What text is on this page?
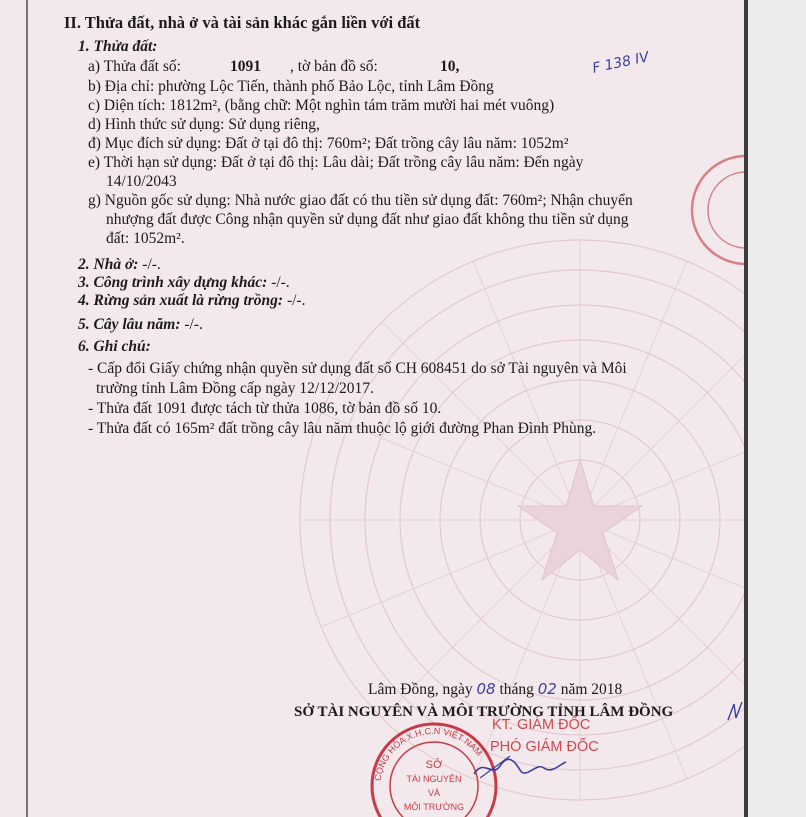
II. Thửa đất, nhà ở và tài sản khác gắn liền với đất
F 138 IV
1. Thửa đất:
a) Thửa đất số:	1091 , tờ bản đồ số:	10,
b) Địa chỉ: phường Lộc Tiến, thành phố Bảo Lộc, tỉnh Lâm Đồng
c) Diện tích: 1812m², (bằng chữ: Một nghìn tám trăm mười hai mét vuông)
d) Hình thức sử dụng: Sử dụng riêng,
đ) Mục đích sử dụng: Đất ở tại đô thị: 760m²; Đất trồng cây lâu năm: 1052m²
e) Thời hạn sử dụng: Đất ở tại đô thị: Lâu dài; Đất trồng cây lâu năm: Đến ngày
14/10/2043
g) Nguồn gốc sử dụng: Nhà nước giao đất có thu tiền sử dụng đất: 760m²; Nhận chuyển
nhượng đất được Công nhận quyền sử dụng đất như giao đất không thu tiền sử dụng
đất: 1052m².
2. Nhà ở: -/-.
3. Công trình xây dựng khác: -/-.
4. Rừng sản xuất là rừng trồng: -/-.
5. Cây lâu năm: -/-.
6. Ghi chú:
- Cấp đổi Giấy chứng nhận quyền sử dụng đất số CH 608451 do sở Tài nguyên và Môi
trường tỉnh Lâm Đồng cấp ngày 12/12/2017.
- Thửa đất 1091 được tách từ thửa 1086, tờ bản đồ số 10.
- Thửa đất có 165m² đất trồng cây lâu năm thuộc lộ giới đường Phan Đình Phùng.
Lâm Đồng, ngày 08 tháng 02 năm 2018
SỞ TÀI NGUYÊN VÀ MÔI TRƯỜNG TỈNH LÂM ĐỒNG
KT. GIÁM ĐỐC
PHÓ GIÁM ĐỐC
CỘNG HÒA X.H.C.N VIỆT NAM
SỞ
TÀI NGUYÊN
VÀ
MÔI TRƯỜNG
